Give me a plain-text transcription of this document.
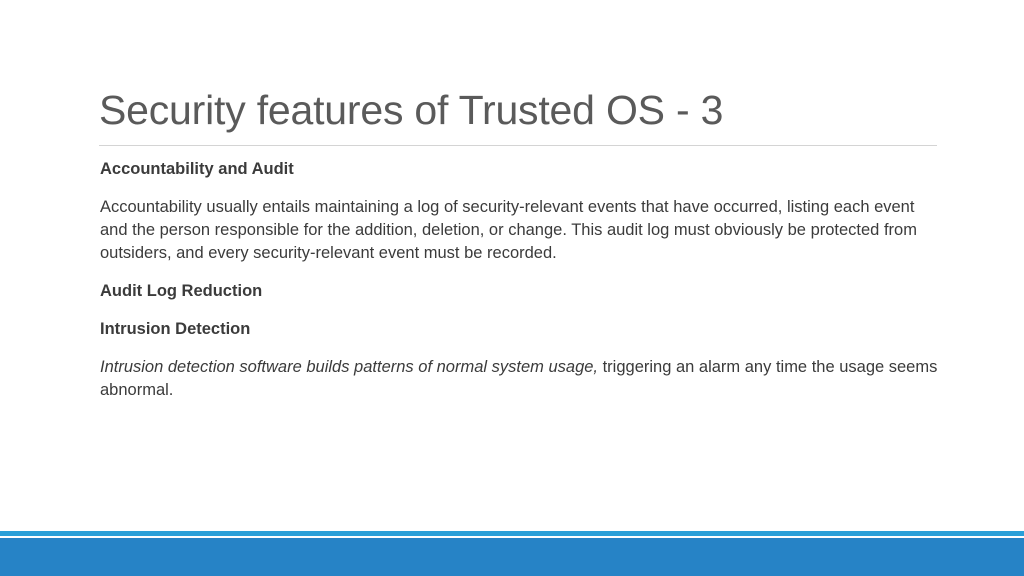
Security features of Trusted OS - 3

Accountability and Audit

Accountability usually entails maintaining a log of security-relevant events that have occurred, listing each event and the person responsible for the addition, deletion, or change. This audit log must obviously be protected from outsiders, and every security-relevant event must be recorded.

Audit Log Reduction

Intrusion Detection

Intrusion detection software builds patterns of normal system usage, triggering an alarm any time the usage seems abnormal.
